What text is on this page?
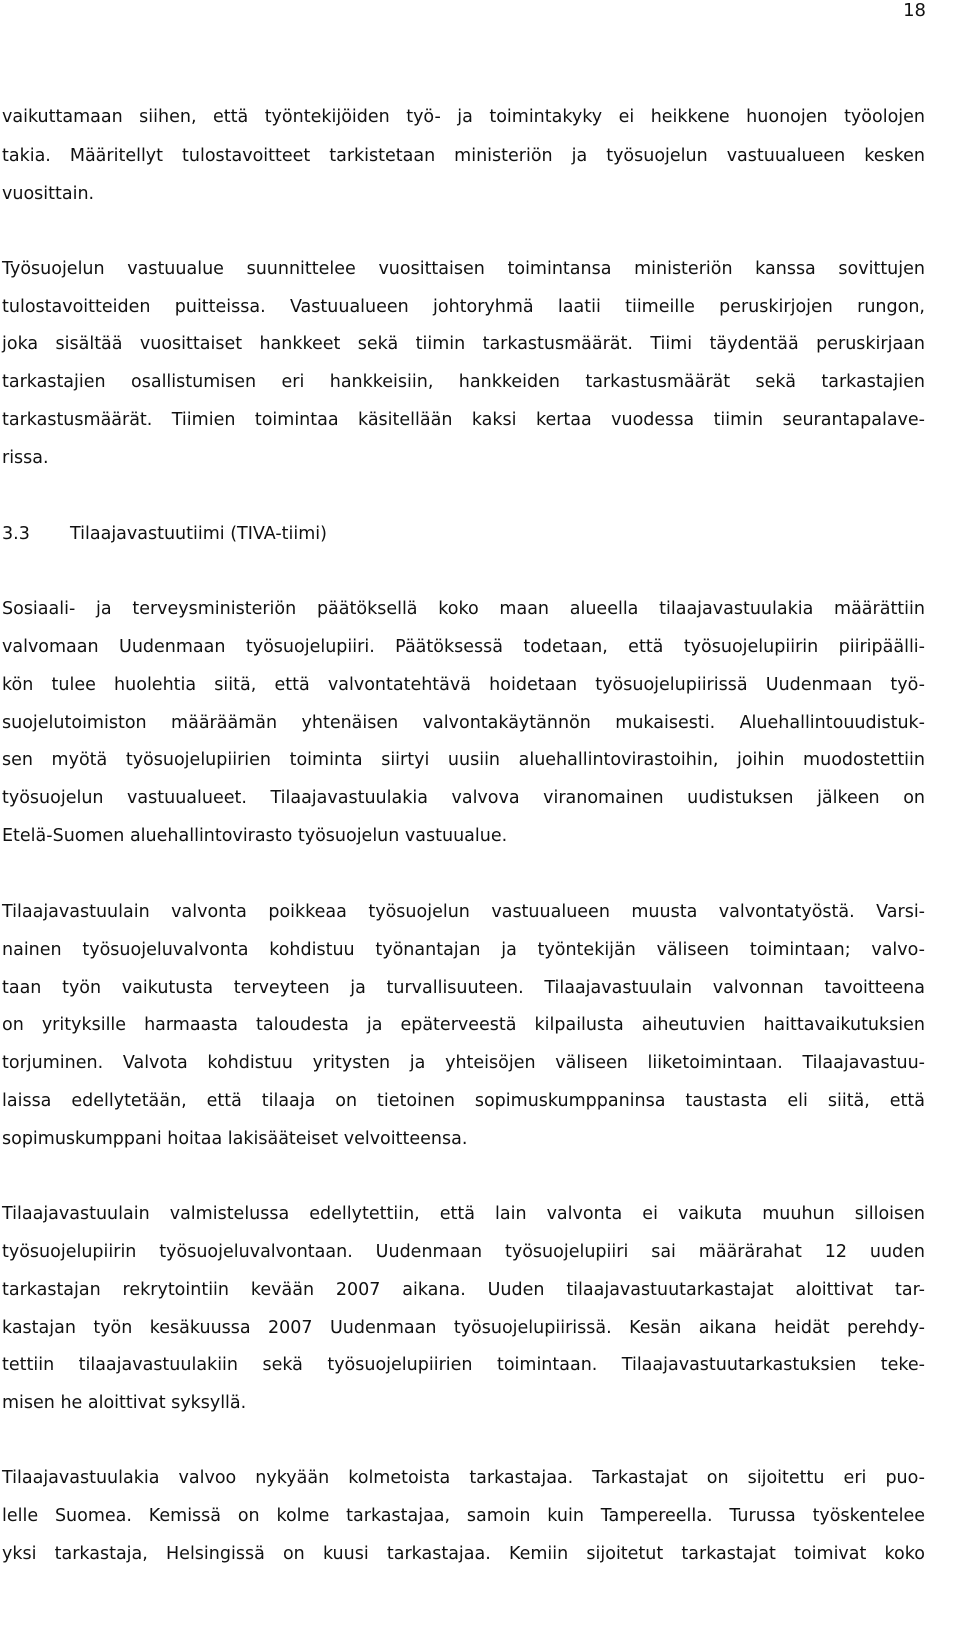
18
vaikuttamaan siihen, että työntekijöiden työ- ja toimintakyky ei heikkene huonojen työolojen
takia. Määritellyt tulostavoitteet tarkistetaan ministeriön ja työsuojelun vastuualueen kesken
vuosittain.
Työsuojelun vastuualue suunnittelee vuosittaisen toimintansa ministeriön kanssa sovittujen
tulostavoitteiden puitteissa. Vastuualueen johtoryhmä laatii tiimeille peruskirjojen rungon,
joka sisältää vuosittaiset hankkeet sekä tiimin tarkastusmäärät. Tiimi täydentää peruskirjaan
tarkastajien osallistumisen eri hankkeisiin, hankkeiden tarkastusmäärät sekä tarkastajien
tarkastusmäärät. Tiimien toimintaa käsitellään kaksi kertaa vuodessa tiimin seurantapalave-
rissa.
3.3 Tilaajavastuutiimi (TIVA-tiimi)
Sosiaali- ja terveysministeriön päätöksellä koko maan alueella tilaajavastuulakia määrättiin
valvomaan Uudenmaan työsuojelupiiri. Päätöksessä todetaan, että työsuojelupiirin piiripäälli-
kön tulee huolehtia siitä, että valvontatehtävä hoidetaan työsuojelupiirissä Uudenmaan työ-
suojelutoimiston määräämän yhtenäisen valvontakäytännön mukaisesti. Aluehallintouudistuk-
sen myötä työsuojelupiirien toiminta siirtyi uusiin aluehallintovirastoihin, joihin muodostettiin
työsuojelun vastuualueet. Tilaajavastuulakia valvova viranomainen uudistuksen jälkeen on
Etelä-Suomen aluehallintovirasto työsuojelun vastuualue.
Tilaajavastuulain valvonta poikkeaa työsuojelun vastuualueen muusta valvontatyöstä. Varsi-
nainen työsuojeluvalvonta kohdistuu työnantajan ja työntekijän väliseen toimintaan; valvo-
taan työn vaikutusta terveyteen ja turvallisuuteen. Tilaajavastuulain valvonnan tavoitteena
on yrityksille harmaasta taloudesta ja epäterveestä kilpailusta aiheutuvien haittavaikutuksien
torjuminen. Valvota kohdistuu yritysten ja yhteisöjen väliseen liiketoimintaan. Tilaajavastuu-
laissa edellytetään, että tilaaja on tietoinen sopimuskumppaninsa taustasta eli siitä, että
sopimuskumppani hoitaa lakisääteiset velvoitteensa.
Tilaajavastuulain valmistelussa edellytettiin, että lain valvonta ei vaikuta muuhun silloisen
työsuojelupiirin työsuojeluvalvontaan. Uudenmaan työsuojelupiiri sai määrärahat 12 uuden
tarkastajan rekrytointiin kevään 2007 aikana. Uuden tilaajavastuutarkastajat aloittivat tar-
kastajan työn kesäkuussa 2007 Uudenmaan työsuojelupiirissä. Kesän aikana heidät perehdy-
tettiin tilaajavastuulakiin sekä työsuojelupiirien toimintaan. Tilaajavastuutarkastuksien teke-
misen he aloittivat syksyllä.
Tilaajavastuulakia valvoo nykyään kolmetoista tarkastajaa. Tarkastajat on sijoitettu eri puo-
lelle Suomea. Kemissä on kolme tarkastajaa, samoin kuin Tampereella. Turussa työskentelee
yksi tarkastaja, Helsingissä on kuusi tarkastajaa. Kemiin sijoitetut tarkastajat toimivat koko
